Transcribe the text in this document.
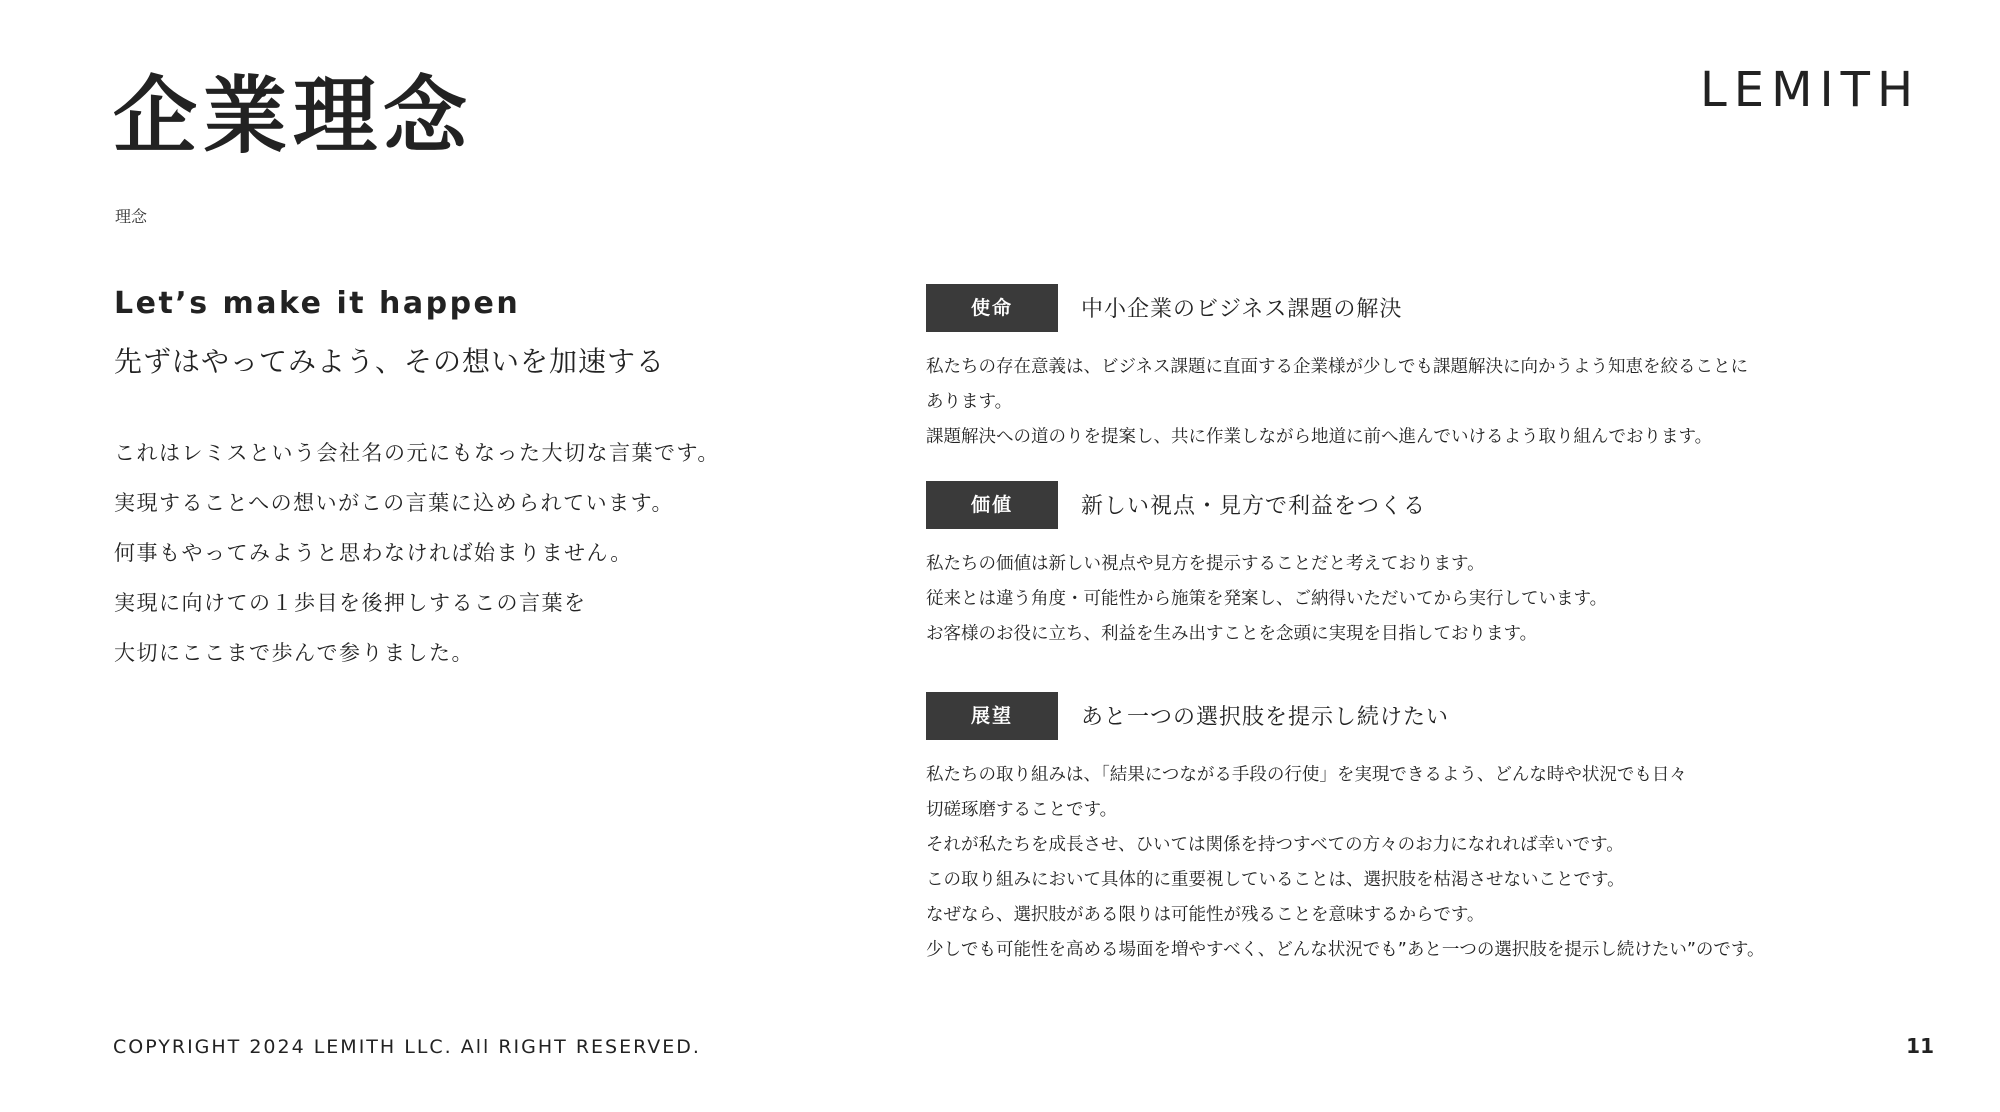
企業理念	LEMITH
理念
Let’s make it happen
先ずはやってみよう、その想いを加速する
これはレミスという会社名の元にもなった大切な言葉です。
実現することへの想いがこの言葉に込められています。
何事もやってみようと思わなければ始まりません。
実現に向けての１歩目を後押しするこの言葉を
大切にここまで歩んで参りました。
使命	中小企業のビジネス課題の解決
私たちの存在意義は、ビジネス課題に直面する企業様が少しでも課題解決に向かうよう知恵を絞ることに
あります。
課題解決への道のりを提案し、共に作業しながら地道に前へ進んでいけるよう取り組んでおります。
価値	新しい視点・見方で利益をつくる
私たちの価値は新しい視点や見方を提示することだと考えております。
従来とは違う角度・可能性から施策を発案し、ご納得いただいてから実行しています。
お客様のお役に立ち、利益を生み出すことを念頭に実現を目指しております。
展望	あと一つの選択肢を提示し続けたい
私たちの取り組みは、「結果につながる手段の行使」を実現できるよう、どんな時や状況でも日々
切磋琢磨することです。
それが私たちを成長させ、ひいては関係を持つすべての方々のお力になれれば幸いです。
この取り組みにおいて具体的に重要視していることは、選択肢を枯渇させないことです。
なぜなら、選択肢がある限りは可能性が残ることを意味するからです。
少しでも可能性を高める場面を増やすべく、どんな状況でも”あと一つの選択肢を提示し続けたい”のです。
COPYRIGHT 2024 LEMITH LLC. All RIGHT RESERVED.	11
